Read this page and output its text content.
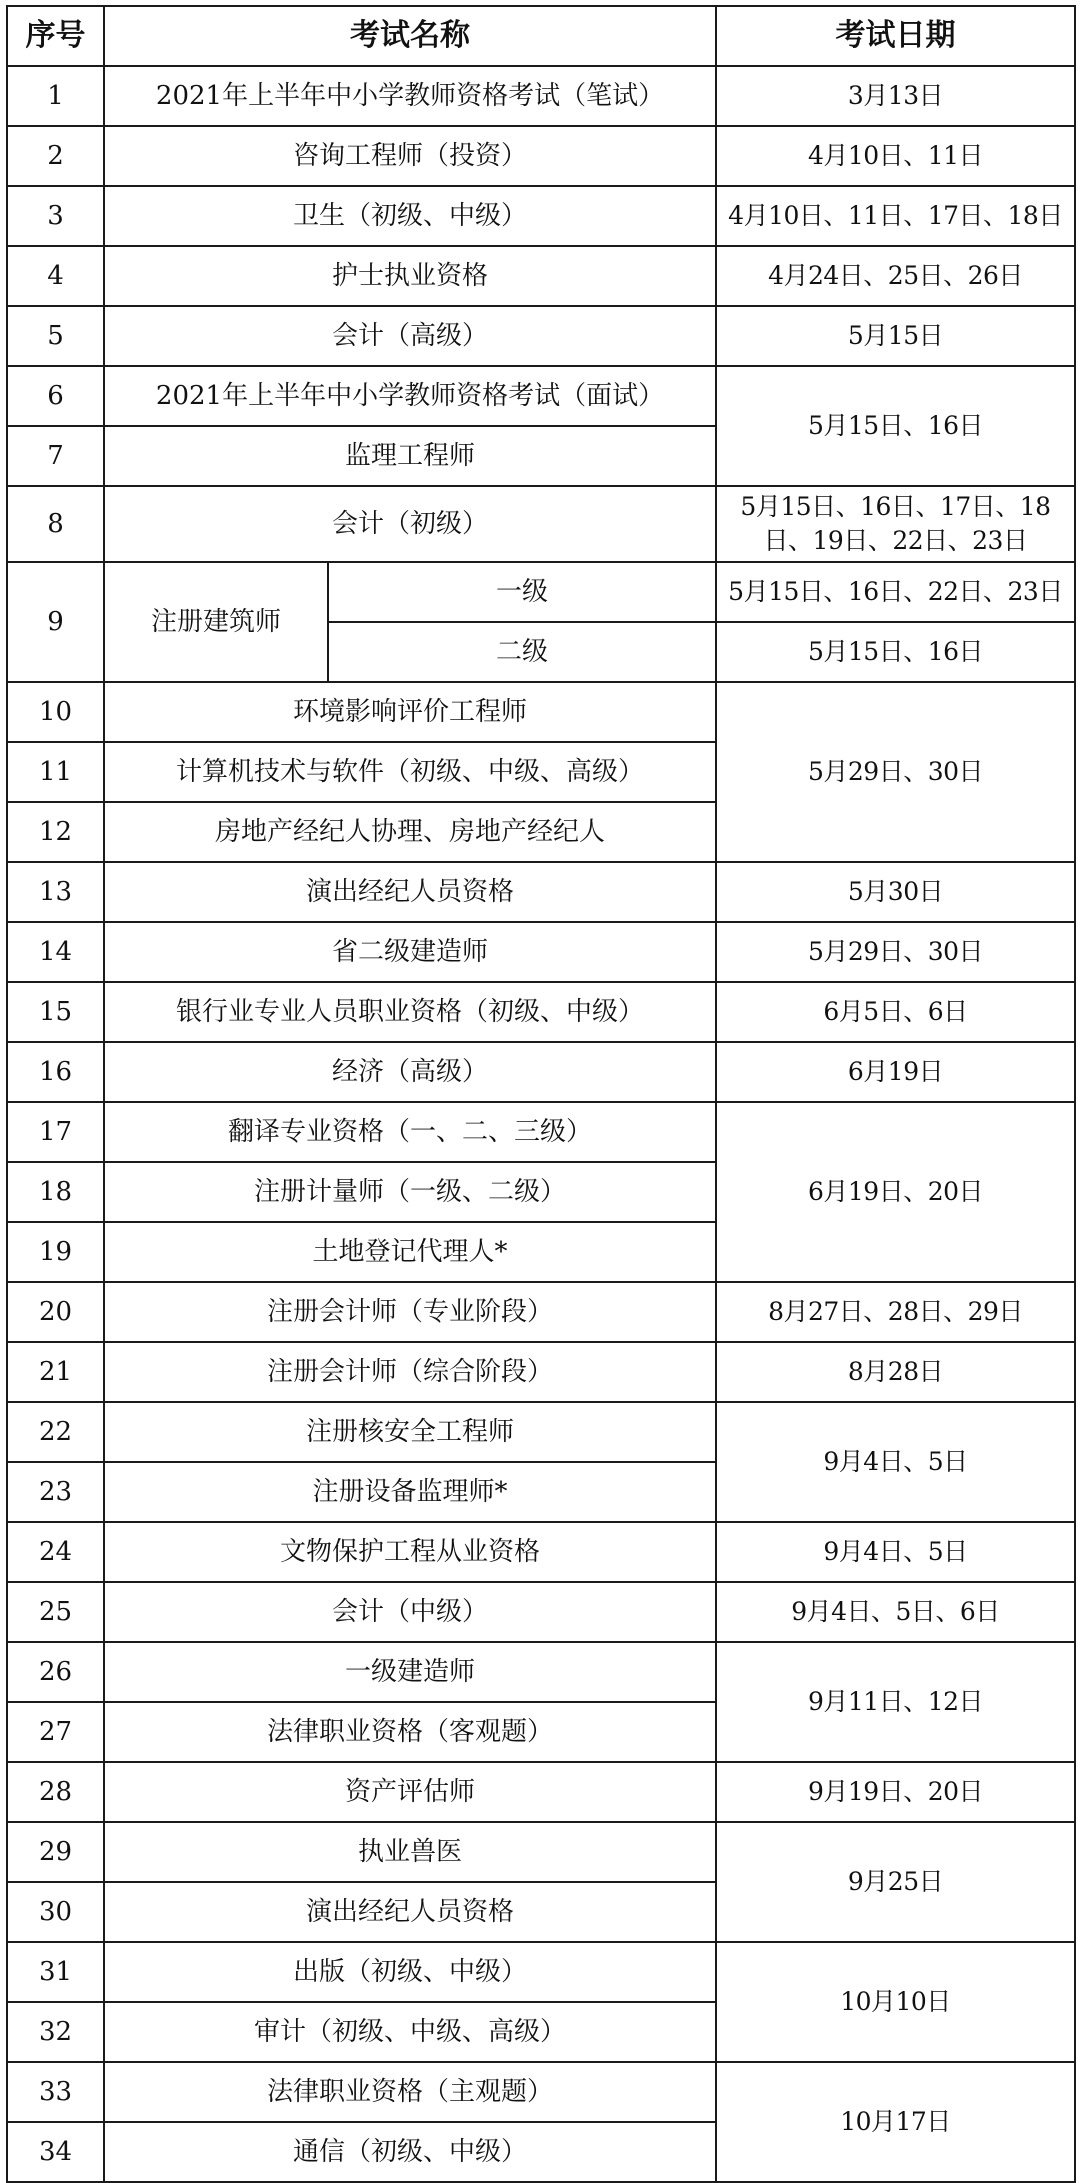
序号	考试名称		考试日期
1	2021年上半年中小学教师资格考试（笔试）		3月13日
2	咨询工程师（投资）		4月10日、11日
3	卫生（初级、中级）		4月10日、11日、17日、18日
4	护士执业资格		4月24日、25日、26日
5	会计（高级）		5月15日
6	2021年上半年中小学教师资格考试（面试）		5月15日、16日
7	监理工程师		
8	会计（初级）		5月15日、16日、17日、18日、19日、22日、23日
9	注册建筑师	一级	5月15日、16日、22日、23日
		二级	5月15日、16日
10	环境影响评价工程师		5月29日、30日
11	计算机技术与软件（初级、中级、高级）		
12	房地产经纪人协理、房地产经纪人		
13	演出经纪人员资格		5月30日
14	省二级建造师		5月29日、30日
15	银行业专业人员职业资格（初级、中级）		6月5日、6日
16	经济（高级）		6月19日
17	翻译专业资格（一、二、三级）		6月19日、20日
18	注册计量师（一级、二级）		
19	土地登记代理人*		
20	注册会计师（专业阶段）		8月27日、28日、29日
21	注册会计师（综合阶段）		8月28日
22	注册核安全工程师		9月4日、5日
23	注册设备监理师*		
24	文物保护工程从业资格		9月4日、5日
25	会计（中级）		9月4日、5日、6日
26	一级建造师		9月11日、12日
27	法律职业资格（客观题）		
28	资产评估师		9月19日、20日
29	执业兽医		9月25日
30	演出经纪人员资格		
31	出版（初级、中级）		10月10日
32	审计（初级、中级、高级）		
33	法律职业资格（主观题）		10月17日
34	通信（初级、中级）		
